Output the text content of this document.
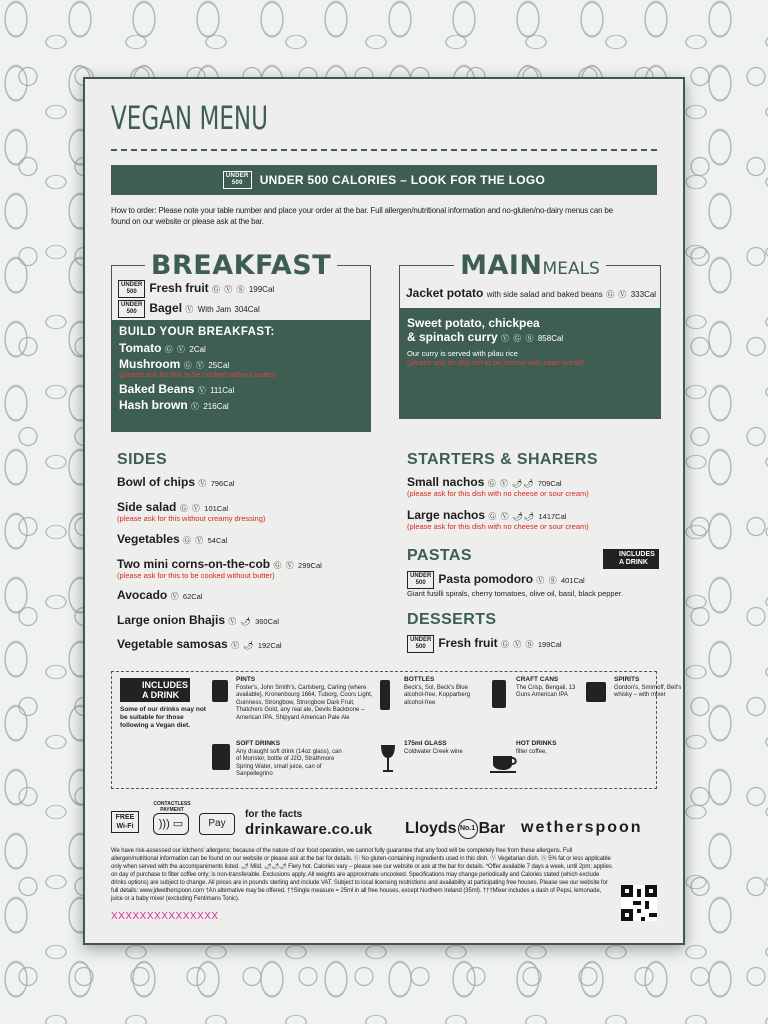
VEGAN MENU
UNDER
500	UNDER 500 CALORIES – LOOK FOR THE LOGO
How to order: Please note your table number and place your order at the bar. Full allergen/nutritional information and no-gluten/no-dairy menus can be found on our website or please ask at the bar.
BREAKFAST
UNDER
500 Fresh fruit Ⓖ Ⓥ Ⓢ 199Cal
UNDER
500 Bagel Ⓥ With Jam 304Cal
BUILD YOUR BREAKFAST:
Tomato Ⓖ Ⓥ 2Cal
Mushroom Ⓖ Ⓥ 25Cal
(please ask for this to be cooked without butter)
Baked Beans Ⓥ 111Cal
Hash brown Ⓥ 216Cal
MAINMEALS
Jacket potato with side salad and baked beans Ⓖ Ⓥ 333Cal
Sweet potato, chickpea
& spinach curry Ⓥ Ⓖ Ⓢ 858Cal
Our curry is served with pilau rice
(please ask for this not to be served with naan bread)
SIDES
Bowl of chips Ⓥ 796Cal
Side salad Ⓖ Ⓥ 101Cal
(please ask for this without creamy dressing)
Vegetables Ⓖ Ⓥ 54Cal
Two mini corns-on-the-cob Ⓖ Ⓥ 299Cal
(please ask for this to be cooked without butter)
Avocado Ⓥ 62Cal
Large onion Bhajis Ⓥ 🌶 360Cal
Vegetable samosas Ⓥ 🌶 192Cal
STARTERS & SHARERS
Small nachos Ⓖ Ⓥ 🌶🌶 709Cal
(please ask for this dish with no cheese or sour cream)
Large nachos Ⓖ Ⓥ 🌶🌶 1417Cal
(please ask for this dish with no cheese or sour cream)
PASTAS	INCLUDES
A DRINK
UNDER
500 Pasta pomodoro Ⓥ Ⓢ 401Cal
Giant fusilli spirals, cherry tomatoes, olive oil, basil, black pepper.
DESSERTS
UNDER
500 Fresh fruit Ⓖ Ⓥ Ⓢ 199Cal
INCLUDES
A DRINK
Some of our drinks may not be suitable for those following a Vegan diet.
PINTS
Foster's, John Smith's, Carlsberg, Carling (where available), Kronenbourg 1664, Tuborg, Coors Light, Guinness, Strongbow, Strongbow Dark Fruit, Thatchers Gold, any real ale, Devils Backbone – American IPA, Shipyard American Pale Ale
BOTTLES
Beck's, Sol, Beck's Blue alcohol-free, Kopparberg alcohol-free
CRAFT CANS
The Crisp, Bengali, 13 Guns American IPA
SPIRITS
Gordon's, Smirnoff, Bell's whisky – with mixer
SOFT DRINKS
Any draught soft drink (14oz glass), can of Monster, bottle of J2O, Strathmore Spring Water, small juice, can of Sanpellegrino
175ml GLASS
Coldwater Creek wine
HOT DRINKS
filter coffee,
FREE Wi-Fi
CONTACTLESS PAYMENT
))) ▭	Pay
for the facts
drinkaware.co.uk Lloyds No.1 Bar wetherspoon
We have risk-assessed our kitchens' allergens; because of the nature of our food operation, we cannot fully guarantee that any food will be completely free from these allergens. Full allergen/nutritional information can be found on our website or please ask at the bar for details. Ⓖ No gluten-containing ingredients used in this dish. Ⓥ Vegetarian dish. Ⓢ 5% fat or less applicable only when served with the accompaniments listed. 🌶 Mild. 🌶🌶🌶 Fiery hot. Calories vary – please see our website or ask at the bar for details. *Offer available 7 days a week, until 2pm; applies on day of purchase to filter coffee only; is non-transferable. Exclusions apply. All weights are approximate uncooked. Specifications may change periodically and Calories stated (which exclude drinks options) are subject to change. All prices are in pounds sterling and include VAT. Subject to local licensing restrictions and availability at participating free houses. Please see our website for full details: www.jdwetherspoon.com †An alternative may be offered. ††Single measure = 25ml in all free houses, except Northern Ireland (35ml). †††Mixer includes a dash of Pepsi, lemonade, juice or a baby mixer (excluding Fentimans Tonic).
XXXXXXXXXXXXXXX
